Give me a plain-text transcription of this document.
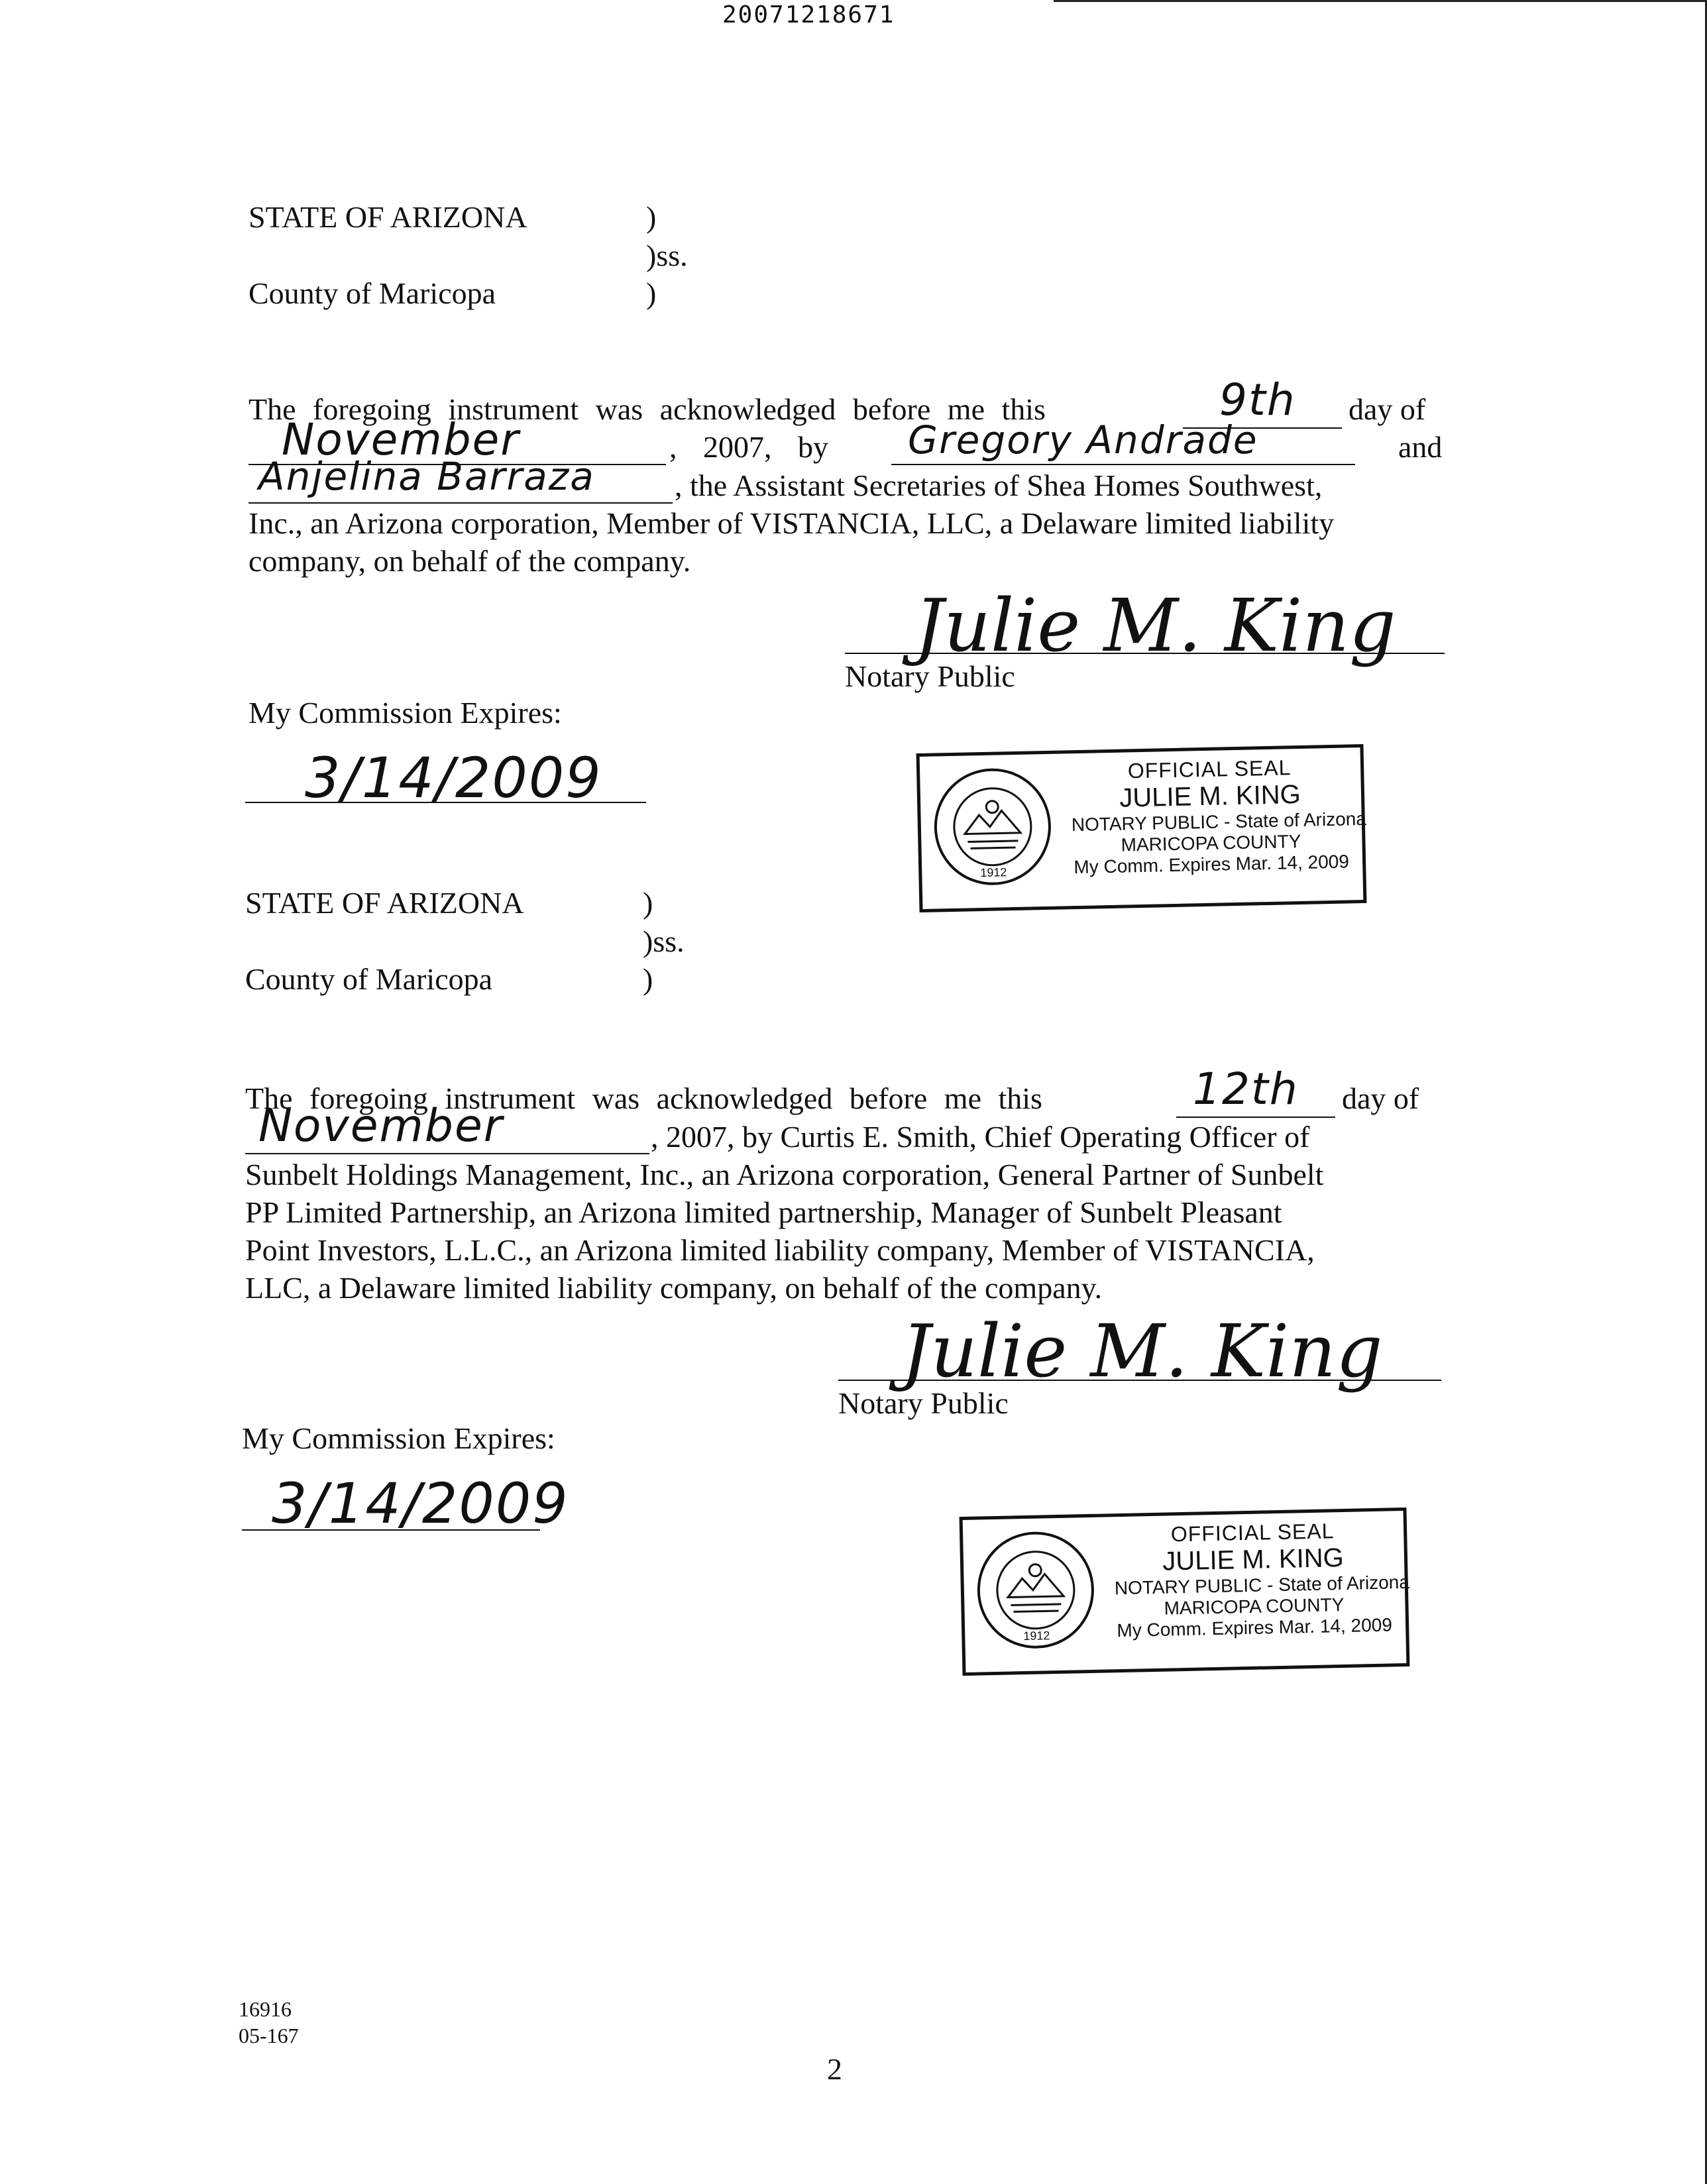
20071218671
STATE OF ARIZONA	)
)ss.
County of Maricopa	)
The foregoing instrument was acknowledged before me this	9th day of
November	, 2007, by Gregory Andrade	and
Anjelina Barraza	, the Assistant Secretaries of Shea Homes Southwest,
Inc., an Arizona corporation, Member of VISTANCIA, LLC, a Delaware limited liability
company, on behalf of the company.
Julie M. King
Notary Public
My Commission Expires:
3/14/2009
1912
OFFICIAL SEAL
JULIE M. KING
NOTARY PUBLIC - State of Arizona
MARICOPA COUNTY
My Comm. Expires Mar. 14, 2009
STATE OF ARIZONA	)
)ss.
County of Maricopa	)
The foregoing instrument was acknowledged before me this	12th day of
November	, 2007, by Curtis E. Smith, Chief Operating Officer of
Sunbelt Holdings Management, Inc., an Arizona corporation, General Partner of Sunbelt
PP Limited Partnership, an Arizona limited partnership, Manager of Sunbelt Pleasant
Point Investors, L.L.C., an Arizona limited liability company, Member of VISTANCIA,
LLC, a Delaware limited liability company, on behalf of the company.
Julie M. King
Notary Public
My Commission Expires:
3/14/2009
1912
OFFICIAL SEAL
JULIE M. KING
NOTARY PUBLIC - State of Arizona
MARICOPA COUNTY
My Comm. Expires Mar. 14, 2009
16916
05-167
2
